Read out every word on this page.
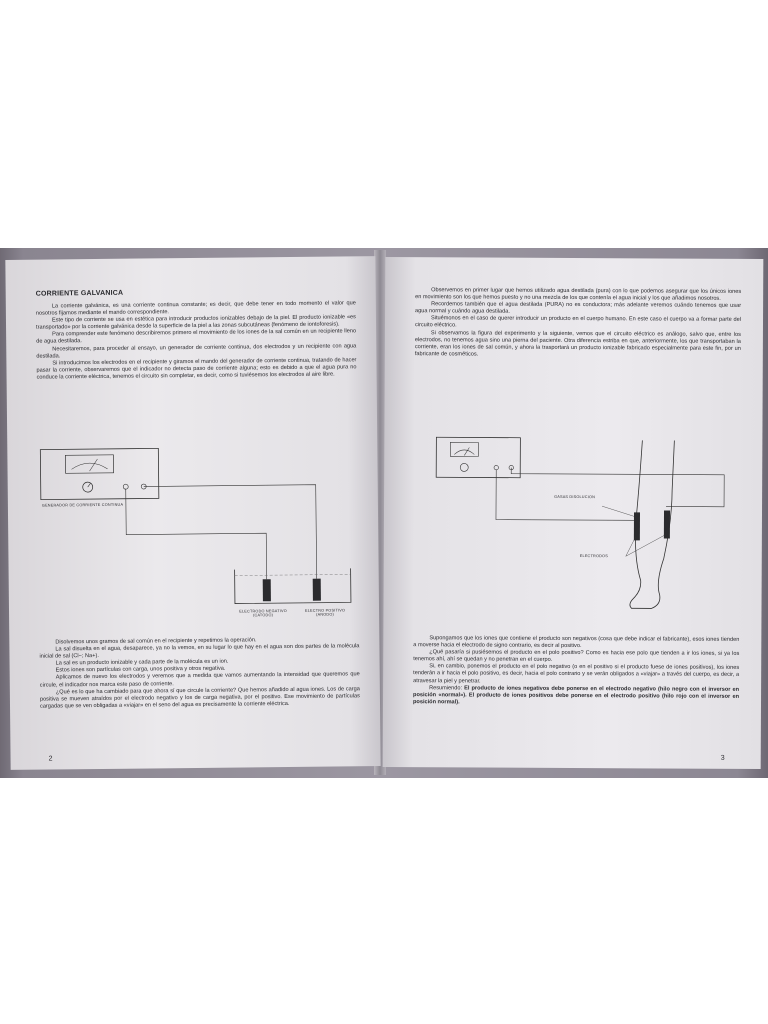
CORRIENTE GALVANICA

La corriente galvánica, es una corriente continua constante; es decir, que debe tener en todo momento el valor que nosotros fijamos mediante el mando correspondiente.

Este tipo de corriente se usa en estética para introducir productos ionizables debajo de la piel. El producto ionizable «es transportado» por la corriente galvánica desde la superficie de la piel a las zonas subcutáneas (fenómeno de iontoforesis).

Para comprender este fenómeno describiremos primero el movimiento de los iones de la sal común en un recipiente lleno de agua destilada.

Necesitaremos, para proceder al ensayo, un generador de corriente continua, dos electrodos y un recipiente con agua destilada.

Si introducimos los electrodos en el recipiente y giramos el mando del generador de corriente continua, tratando de hacer pasar la corriente, observaremos que el indicador no detecta paso de corriente alguna; esto es debido a que el agua pura no conduce la corriente eléctrica, tenemos el circuito sin completar, es decir, como si tuviésemos los electrodos al aire libre.

GENERADOR DE CORRIENTE CONTINUA
ELECTRODO NEGATIVO (CATODO)
ELECTRO POSITIVO (ANODO)

Disolvemos unos gramos de sal común en el recipiente y repetimos la operación.

La sal disuelta en el agua, desaparece, ya no la vemos, en su lugar lo que hay en el agua son dos partes de la molécula inicial de sal (Cl−; Na+).

La sal es un producto ionizable y cada parte de la molécula es un ion.

Estos iones son partículas con carga, unos positiva y otros negativa.

Aplicamos de nuevo los electrodos y veremos que a medida que vamos aumentando la intensidad que queremos que circule, el indicador nos marca este paso de corriente.

¿Qué es lo que ha cambiado para que ahora sí que circule la corriente? Que hemos añadido al agua iones. Los de carga positiva se mueven atraídos por el electrodo negativo y los de carga negativa, por el positivo. Ese movimiento de partículas cargadas que se ven obligadas a «viajar» en el seno del agua es precisamente la corriente eléctrica.

2

Observemos en primer lugar que hemos utilizado agua destilada (pura) con lo que podemos asegurar que los únicos iones en movimiento son los que hemos puesto y no una mezcla de los que contenía el agua inicial y los que añadimos nosotros.

Recordemos también que el agua destilada (PURA) no es conductora; más adelante veremos cuándo tenemos que usar agua normal y cuándo agua destilada.

Situémonos en el caso de querer introducir un producto en el cuerpo humano. En este caso el cuerpo va a formar parte del circuito eléctrico.

Si observamos la figura del experimento y la siguiente, vemos que el circuito eléctrico es análogo, salvo que, entre los electrodos, no tenemos agua sino una pierna del paciente. Otra diferencia estriba en que, anteriormente, los que transportaban la corriente, eran los iones de sal común, y ahora la trasportará un producto ionizable fabricado especialmente para este fin, por un fabricante de cosméticos.

GASAS DISOLUCION
ELECTRODOS

Supongamos que los iones que contiene el producto son negativos (cosa que debe indicar el fabricante), esos iones tienden a moverse hacia el electrodo de signo contrario, es decir al positivo.

¿Qué pasaría si pusiésemos el producto en el polo positivo? Como es hacia ese polo que tienden a ir los iones, si ya los tenemos ahí, ahí se quedan y no penetran en el cuerpo.

Si, en cambio, ponemos el producto en el polo negativo (o en el positivo si el producto fuese de iones positivos), los iones tenderán a ir hacia el polo positivo, es decir, hacia el polo contrario y se verán obligados a «viajar» a través del cuerpo, es decir, a atravesar la piel y penetrar.

Resumiendo: El producto de iones negativos debe ponerse en el electrodo negativo (hilo negro con el inversor en posición «normal»). El producto de iones positivos debe ponerse en el electrodo positivo (hilo rojo con el inversor en posición normal).

3
